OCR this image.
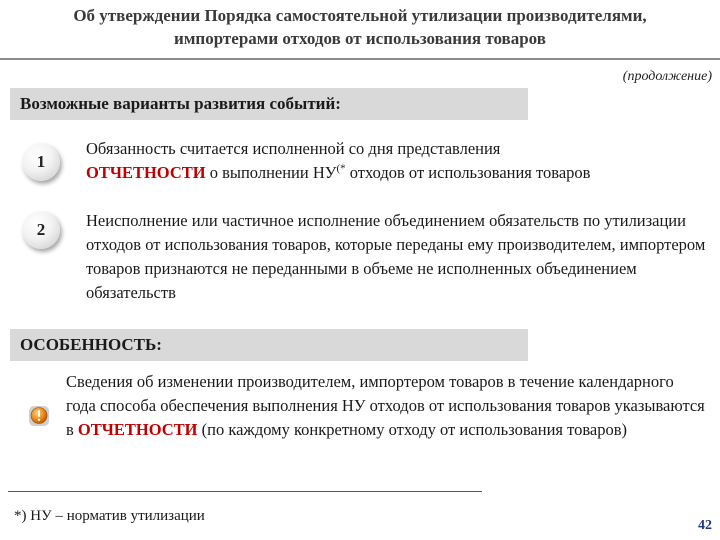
Об утверждении Порядка самостоятельной утилизации производителями,
импортерами отходов от использования товаров
(продолжение)
Возможные варианты развития событий:
1
Обязанность считается исполненной со дня представления
ОТЧЕТНОСТИ о выполнении НУ(* отходов от использования товаров
2	Неисполнение или частичное исполнение объединением обязательств по утилизации отходов от использования товаров, которые переданы ему производителем, импортером товаров признаются не переданными в объеме не исполненных объединением обязательств
ОСОБЕННОСТЬ:
Сведения об изменении производителем, импортером товаров в течение календарного года способа обеспечения выполнения НУ отходов от использования товаров указываются в ОТЧЕТНОСТИ (по каждому конкретному отходу от использования товаров)
*) НУ – норматив утилизации
42
